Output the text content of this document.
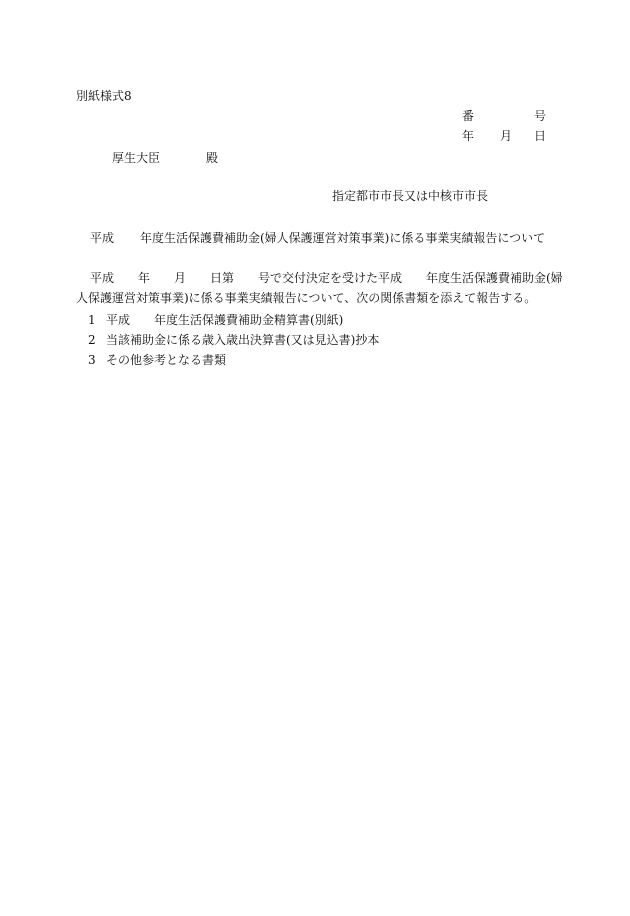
別紙様式8
番	号
年 月 日
厚生大臣	殿
指定都市市長又は中核市市長
平成 年度生活保護費補助金(婦人保護運営対策事業)に係る事業実績報告について
平成　　年　　月　　日第　　号で交付決定を受けた平成　　年度生活保護費補助金(婦
人保護運営対策事業)に係る事業実績報告について、次の関係書類を添えて報告する。
1 平成　　年度生活保護費補助金精算書(別紙)
2 当該補助金に係る歳入歳出決算書(又は見込書)抄本
3 その他参考となる書類
